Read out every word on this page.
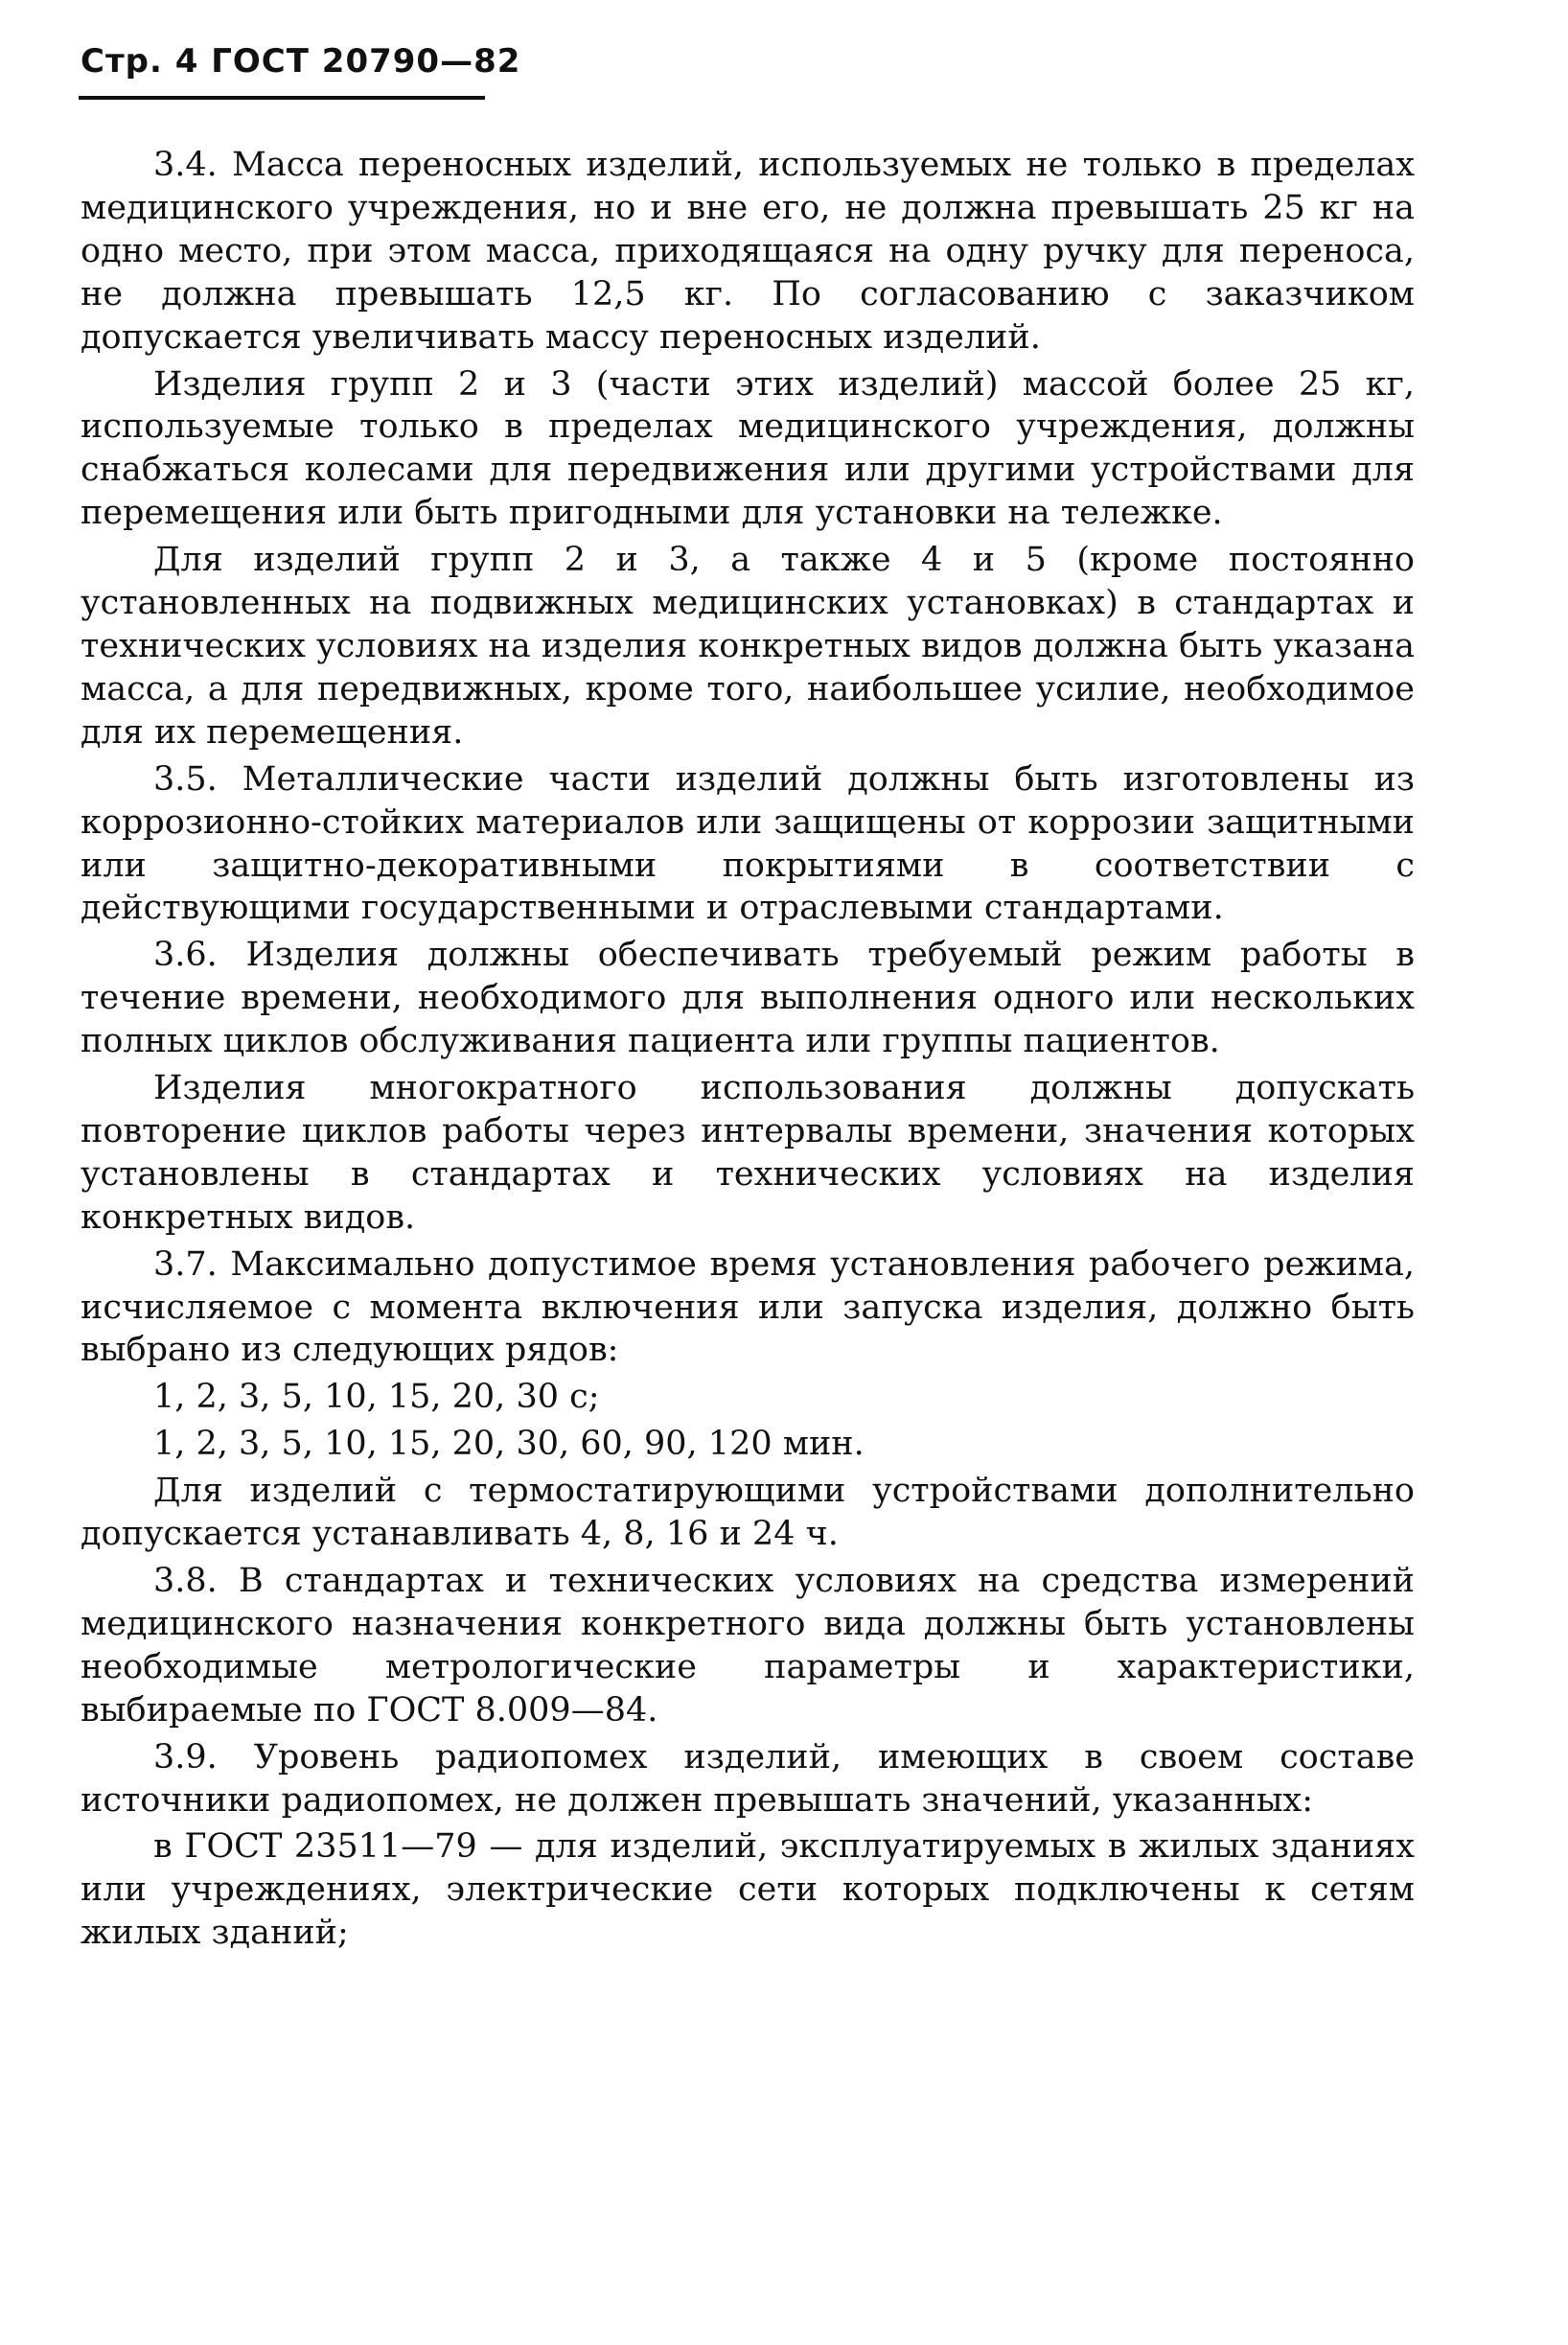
Стр. 4 ГОСТ 20790—82

3.4. Масса переносных изделий, используемых не только в пределах медицинского учреждения, но и вне его, не должна превышать 25 кг на одно место, при этом масса, приходящаяся на одну ручку для переноса, не должна превышать 12,5 кг. По согласованию с заказчиком допускается увеличивать массу переносных изделий.

Изделия групп 2 и 3 (части этих изделий) массой более 25 кг, используемые только в пределах медицинского учреждения, должны снабжаться колесами для передвижения или другими устройствами для перемещения или быть пригодными для установки на тележке.

Для изделий групп 2 и 3, а также 4 и 5 (кроме постоянно установленных на подвижных медицинских установках) в стандартах и технических условиях на изделия конкретных видов должна быть указана масса, а для передвижных, кроме того, наибольшее усилие, необходимое для их перемещения.

3.5. Металлические части изделий должны быть изготовлены из коррозионно-стойких материалов или защищены от коррозии защитными или защитно-декоративными покрытиями в соответствии с действующими государственными и отраслевыми стандартами.

3.6. Изделия должны обеспечивать требуемый режим работы в течение времени, необходимого для выполнения одного или нескольких полных циклов обслуживания пациента или группы пациентов.

Изделия многократного использования должны допускать повторение циклов работы через интервалы времени, значения которых установлены в стандартах и технических условиях на изделия конкретных видов.

3.7. Максимально допустимое время установления рабочего режима, исчисляемое с момента включения или запуска изделия, должно быть выбрано из следующих рядов:

1, 2, 3, 5, 10, 15, 20, 30 с;

1, 2, 3, 5, 10, 15, 20, 30, 60, 90, 120 мин.

Для изделий с термостатирующими устройствами дополнительно допускается устанавливать 4, 8, 16 и 24 ч.

3.8. В стандартах и технических условиях на средства измерений медицинского назначения конкретного вида должны быть установлены необходимые метрологические параметры и характеристики, выбираемые по ГОСТ 8.009—84.

3.9. Уровень радиопомех изделий, имеющих в своем составе источники радиопомех, не должен превышать значений, указанных:

в ГОСТ 23511—79 — для изделий, эксплуатируемых в жилых зданиях или учреждениях, электрические сети которых подключены к сетям жилых зданий;
